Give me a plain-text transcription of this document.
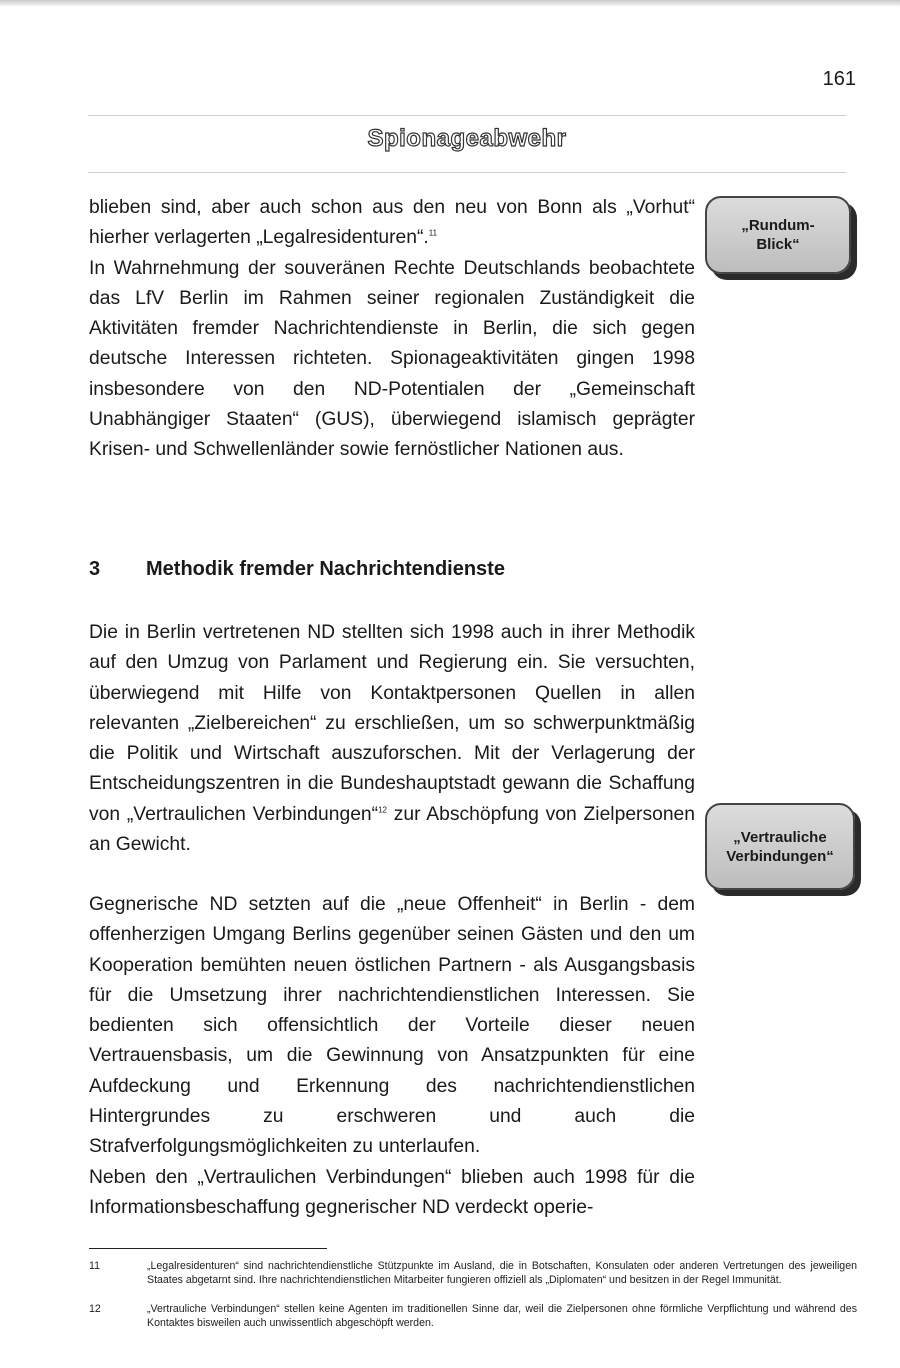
161
Spionageabwehr

blieben sind, aber auch schon aus den neu von Bonn als „Vorhut“ hierher verlagerten „Legalresidenturen“.$^{11}$
In Wahrnehmung der souveränen Rechte Deutschlands beobachtete das LfV Berlin im Rahmen seiner regionalen Zuständigkeit die Aktivitäten fremder Nachrichtendienste in Berlin, die sich gegen deutsche Interessen richteten. Spionageaktivitäten gingen 1998 insbesondere von den ND-Potentialen der „Gemeinschaft Unabhängiger Staaten“ (GUS), überwiegend islamisch geprägter Krisen- und Schwellenländer sowie fernöstlicher Nationen aus.

„Rundum-
Blick“
3 Methodik fremder Nachrichtendienste

Die in Berlin vertretenen ND stellten sich 1998 auch in ihrer Methodik auf den Umzug von Parlament und Regierung ein. Sie versuchten, überwiegend mit Hilfe von Kontaktpersonen Quellen in allen relevanten „Zielbereichen“ zu erschließen, um so schwerpunktmäßig die Politik und Wirtschaft auszuforschen. Mit der Verlagerung der Entscheidungszentren in die Bundeshauptstadt gewann die Schaffung von „Vertraulichen Verbindungen“$^{12}$ zur Abschöpfung von Zielpersonen an Gewicht.	„Vertrauliche
Verbindungen“

Gegnerische ND setzten auf die „neue Offenheit“ in Berlin - dem offenherzigen Umgang Berlins gegenüber seinen Gästen und den um Kooperation bemühten neuen östlichen Partnern - als Ausgangsbasis für die Umsetzung ihrer nachrichtendienstlichen Interessen. Sie bedienten sich offensichtlich der Vorteile dieser neuen Vertrauensbasis, um die Gewinnung von Ansatzpunkten für eine Aufdeckung und Erkennung des nachrichtendienstlichen Hintergrundes zu erschweren und auch die Strafverfolgungsmöglichkeiten zu unterlaufen.

Neben den „Vertraulichen Verbindungen“ blieben auch 1998 für die Informationsbeschaffung gegnerischer ND verdeckt operie-

11	„Legalresidenturen“ sind nachrichtendienstliche Stützpunkte im Ausland, die in Botschaften, Konsulaten oder anderen Vertretungen des jeweiligen Staates abgetarnt sind. Ihre nachrichtendienstlichen Mitarbeiter fungieren offiziell als „Diplomaten“ und besitzen in der Regel Immunität.
12	„Vertrauliche Verbindungen“ stellen keine Agenten im traditionellen Sinne dar, weil die Zielpersonen ohne förmliche Verpflichtung und während des Kontaktes bisweilen auch unwissentlich abgeschöpft werden.
